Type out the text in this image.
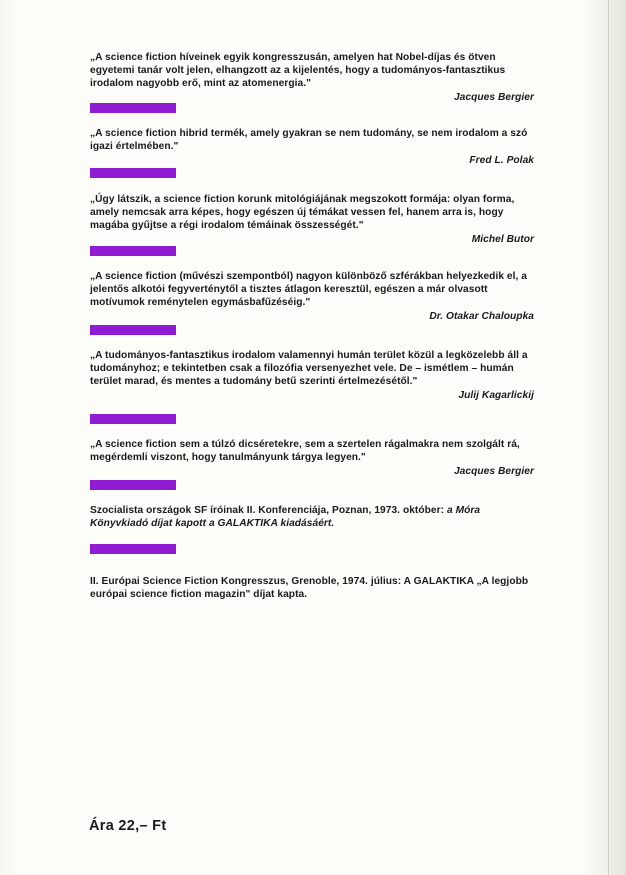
„A science fiction híveinek egyik kongresszusán, amelyen hat Nobel-díjas és ötven egyetemi tanár volt jelen, elhangzott az a kijelentés, hogy a tudományos-fantasztikus irodalom nagyobb erő, mint az atomenergia."

Jacques Bergier

„A science fiction hibrid termék, amely gyakran se nem tudomány, se nem irodalom a szó igazi értelmében."

Fred L. Polak

„Úgy látszik, a science fiction korunk mitológiájának megszokott formája: olyan forma, amely nemcsak arra képes, hogy egészen új témákat vessen fel, hanem arra is, hogy magába gyűjtse a régi irodalom témáinak összességét."

Michel Butor

„A science fiction (művészi szempontból) nagyon különböző szférákban helyezkedik el, a jelentős alkotói fegyverténytől a tisztes átlagon keresztül, egészen a már olvasott motívumok reménytelen egymásbafűzéséig."

Dr. Otakar Chaloupka

„A tudományos-fantasztikus irodalom valamennyi humán terület közül a legközelebb áll a tudományhoz; e tekintetben csak a filozófia versenyezhet vele. De – ismétlem – humán terület marad, és mentes a tudomány betű szerinti értelmezésétől."

Julij Kagarlickij

„A science fiction sem a túlzó dicséretekre, sem a szertelen rágalmakra nem szolgált rá, megérdemli viszont, hogy tanulmányunk tárgya legyen."

Jacques Bergier

Szocialista országok SF íróinak II. Konferenciája, Poznan, 1973. október: a Móra Könyvkiadó díjat kapott a GALAKTIKA kiadásáért.

II. Európai Science Fiction Kongresszus, Grenoble, 1974. július: A GALAKTIKA „A legjobb európai science fiction magazin" díjat kapta.

Ára 22,– Ft
